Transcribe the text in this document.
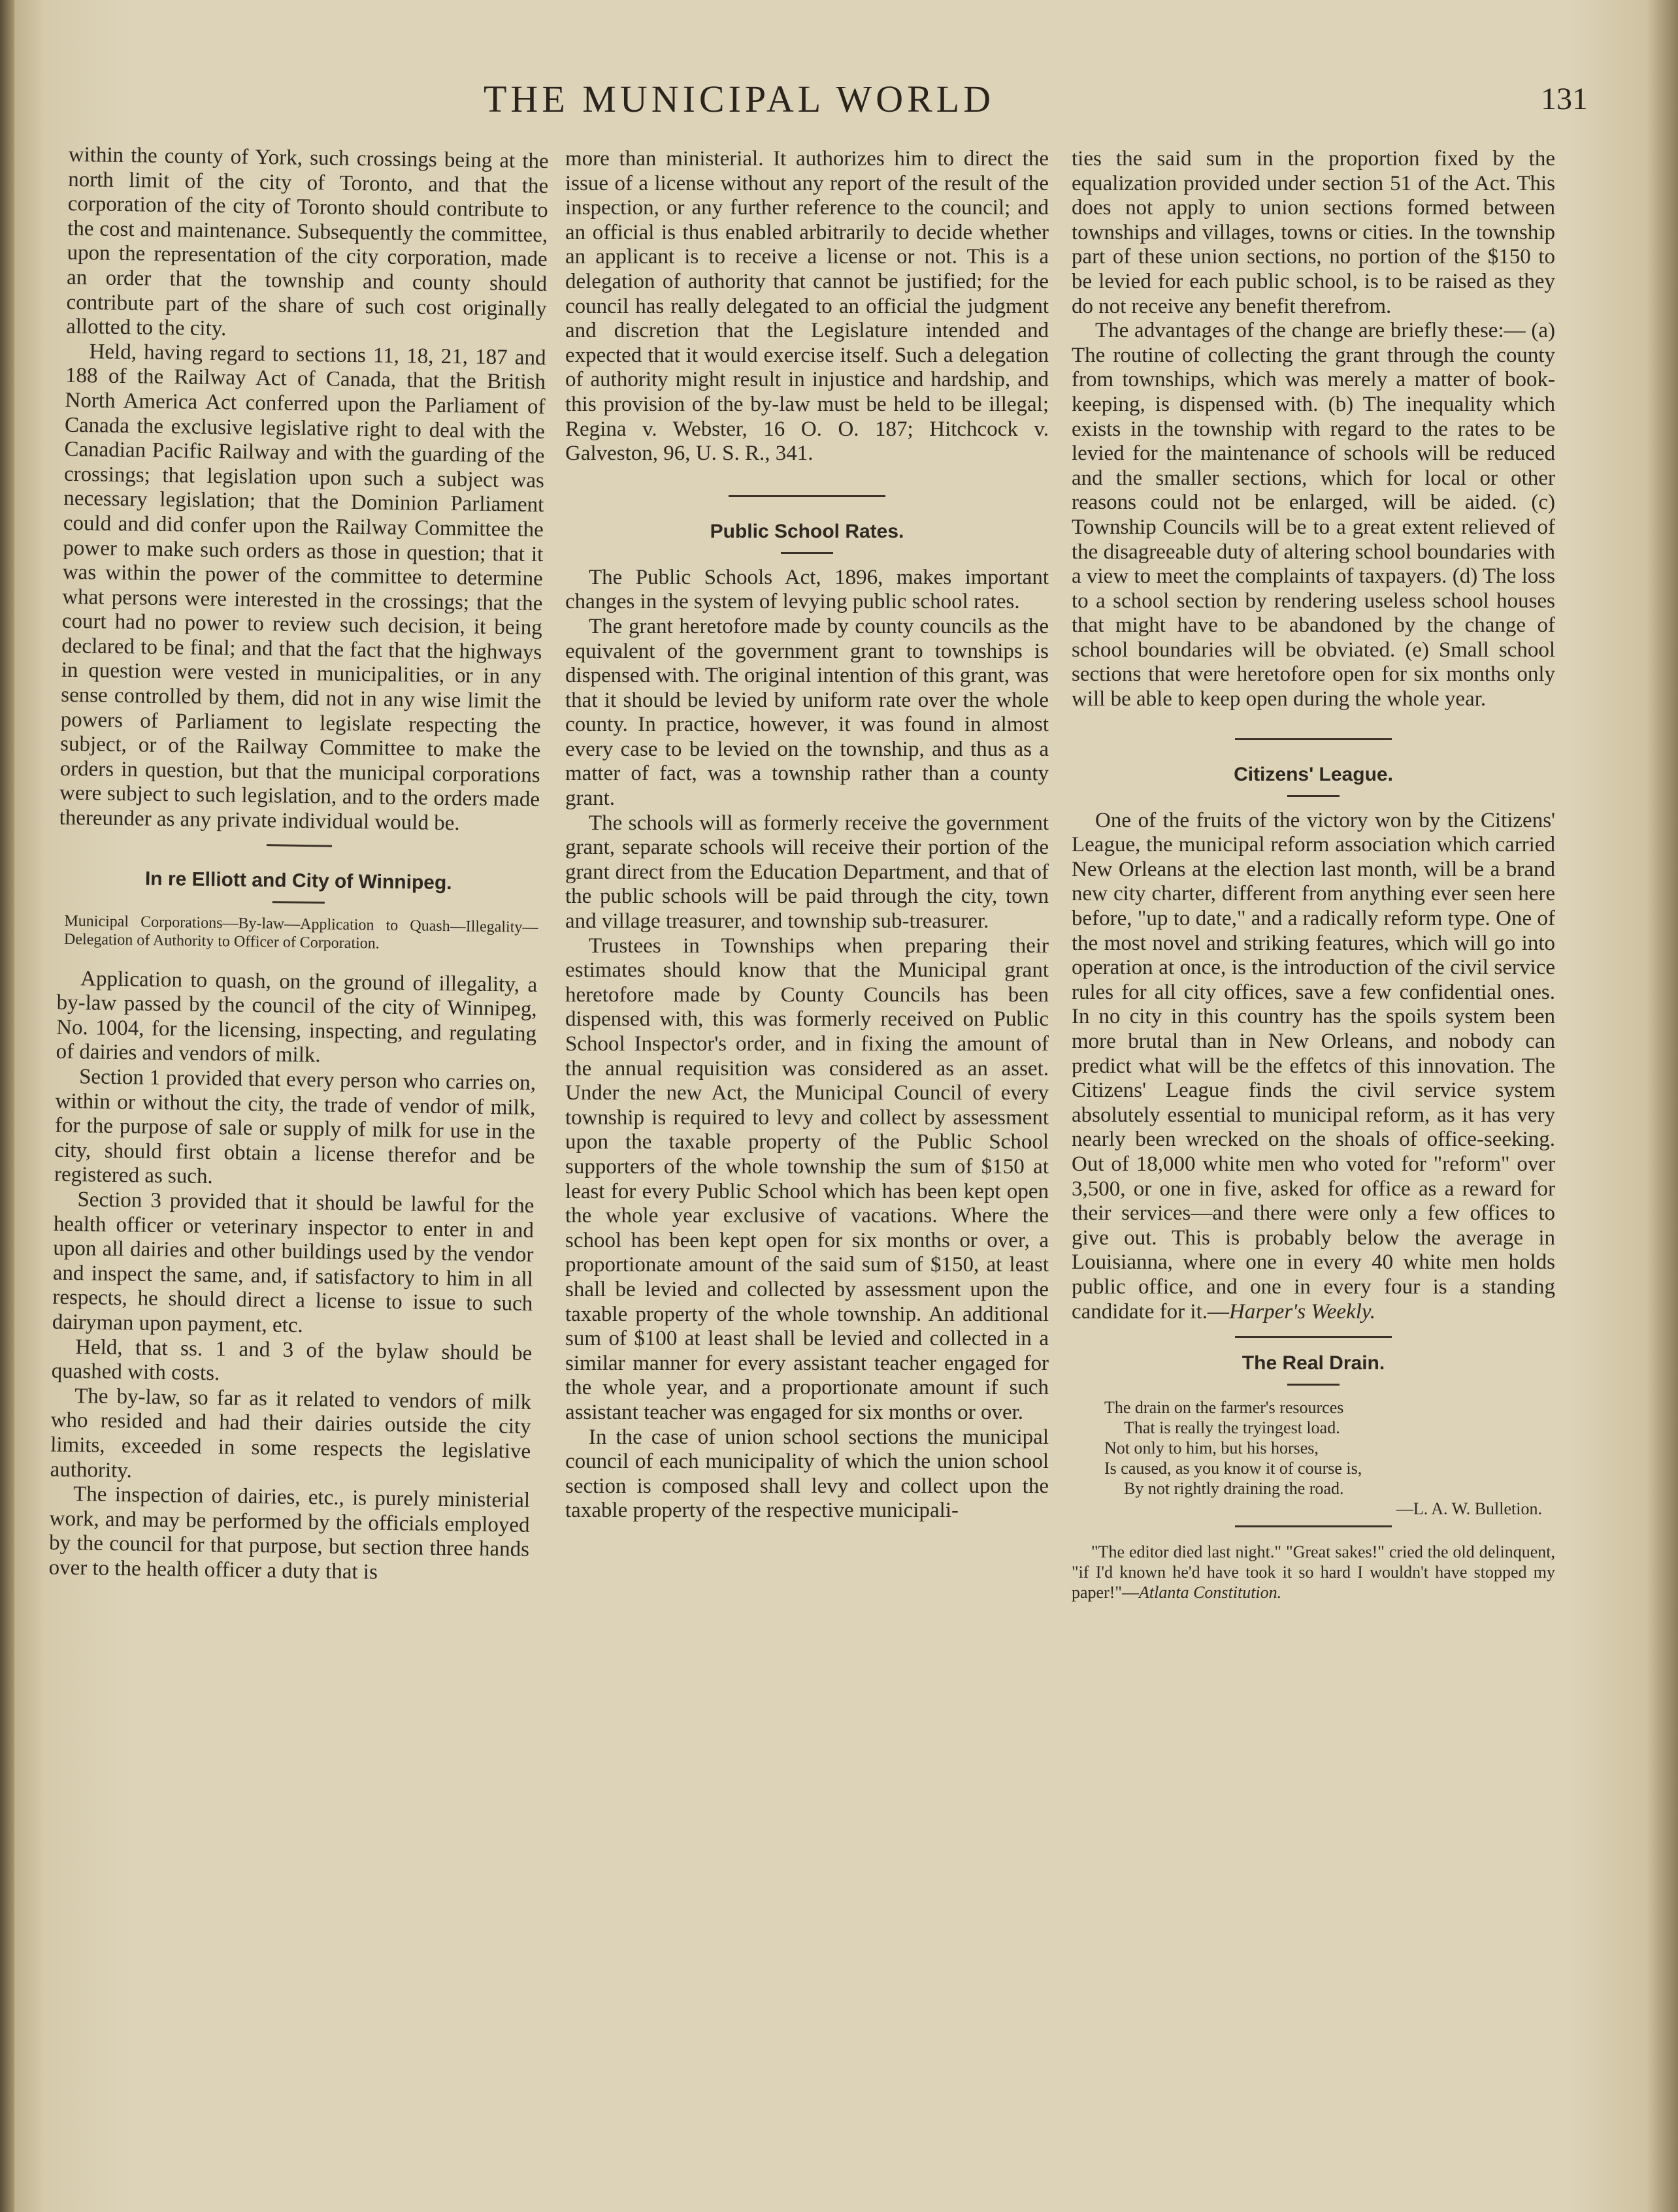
THE MUNICIPAL WORLD	131

within the county of York, such crossings being at the north limit of the city of Toronto, and that the corporation of the city of Toronto should contribute to the cost and maintenance. Subsequently the committee, upon the representation of the city corporation, made an order that the township and county should contribute part of the share of such cost originally allotted to the city.

Held, having regard to sections 11, 18, 21, 187 and 188 of the Railway Act of Canada, that the British North America Act conferred upon the Parliament of Canada the exclusive legislative right to deal with the Canadian Pacific Railway and with the guarding of the crossings; that legislation upon such a subject was necessary legislation; that the Dominion Parliament could and did confer upon the Railway Committee the power to make such orders as those in question; that it was within the power of the committee to determine what persons were interested in the crossings; that the court had no power to review such decision, it being declared to be final; and that the fact that the highways in question were vested in municipalities, or in any sense controlled by them, did not in any wise limit the powers of Parliament to legislate respecting the subject, or of the Railway Committee to make the orders in question, but that the municipal corporations were subject to such legislation, and to the orders made thereunder as any private individual would be.

In re Elliott and City of Winnipeg.

Municipal Corporations—By-law—Application to Quash—Illegality—Delegation of Authority to Officer of Corporation.

Application to quash, on the ground of illegality, a by-law passed by the council of the city of Winnipeg, No. 1004, for the licensing, inspecting, and regulating of dairies and vendors of milk.

Section 1 provided that every person who carries on, within or without the city, the trade of vendor of milk, for the purpose of sale or supply of milk for use in the city, should first obtain a license therefor and be registered as such.

Section 3 provided that it should be lawful for the health officer or veterinary inspector to enter in and upon all dairies and other buildings used by the vendor and inspect the same, and, if satisfactory to him in all respects, he should direct a license to issue to such dairyman upon payment, etc.

Held, that ss. 1 and 3 of the bylaw should be quashed with costs.

The by-law, so far as it related to vendors of milk who resided and had their dairies outside the city limits, exceeded in some respects the legislative authority.

The inspection of dairies, etc., is purely ministerial work, and may be performed by the officials employed by the council for that purpose, but section three hands over to the health officer a duty that is

more than ministerial. It authorizes him to direct the issue of a license without any report of the result of the inspection, or any further reference to the council; and an official is thus enabled arbitrarily to decide whether an applicant is to receive a license or not. This is a delegation of authority that cannot be justified; for the council has really delegated to an official the judgment and discretion that the Legislature intended and expected that it would exercise itself. Such a delegation of authority might result in injustice and hardship, and this provision of the by-law must be held to be illegal; Regina v. Webster, 16 O. O. 187; Hitchcock v. Galveston, 96, U. S. R., 341.

Public School Rates.

The Public Schools Act, 1896, makes important changes in the system of levying public school rates.

The grant heretofore made by county councils as the equivalent of the government grant to townships is dispensed with. The original intention of this grant, was that it should be levied by uniform rate over the whole county. In practice, however, it was found in almost every case to be levied on the township, and thus as a matter of fact, was a township rather than a county grant.

The schools will as formerly receive the government grant, separate schools will receive their portion of the grant direct from the Education Department, and that of the public schools will be paid through the city, town and village treasurer, and township sub-treasurer.

Trustees in Townships when preparing their estimates should know that the Municipal grant heretofore made by County Councils has been dispensed with, this was formerly received on Public School Inspector's order, and in fixing the amount of the annual requisition was considered as an asset. Under the new Act, the Municipal Council of every township is required to levy and collect by assessment upon the taxable property of the Public School supporters of the whole township the sum of $150 at least for every Public School which has been kept open the whole year exclusive of vacations. Where the school has been kept open for six months or over, a proportionate amount of the said sum of $150, at least shall be levied and collected by assessment upon the taxable property of the whole township. An additional sum of $100 at least shall be levied and collected in a similar manner for every assistant teacher engaged for the whole year, and a proportionate amount if such assistant teacher was engaged for six months or over.

In the case of union school sections the municipal council of each municipality of which the union school section is composed shall levy and collect upon the taxable property of the respective municipali-

ties the said sum in the proportion fixed by the equalization provided under section 51 of the Act. This does not apply to union sections formed between townships and villages, towns or cities. In the township part of these union sections, no portion of the $150 to be levied for each public school, is to be raised as they do not receive any benefit therefrom.

The advantages of the change are briefly these:— (a) The routine of collecting the grant through the county from townships, which was merely a matter of book-keeping, is dispensed with. (b) The inequality which exists in the township with regard to the rates to be levied for the maintenance of schools will be reduced and the smaller sections, which for local or other reasons could not be enlarged, will be aided. (c) Township Councils will be to a great extent relieved of the disagreeable duty of altering school boundaries with a view to meet the complaints of taxpayers. (d) The loss to a school section by rendering useless school houses that might have to be abandoned by the change of school boundaries will be obviated. (e) Small school sections that were heretofore open for six months only will be able to keep open during the whole year.

Citizens' League.

One of the fruits of the victory won by the Citizens' League, the municipal reform association which carried New Orleans at the election last month, will be a brand new city charter, different from anything ever seen here before, "up to date," and a radically reform type. One of the most novel and striking features, which will go into operation at once, is the introduction of the civil service rules for all city offices, save a few confidential ones. In no city in this country has the spoils system been more brutal than in New Orleans, and nobody can predict what will be the effetcs of this innovation. The Citizens' League finds the civil service system absolutely essential to municipal reform, as it has very nearly been wrecked on the shoals of office-seeking. Out of 18,000 white men who voted for "reform" over 3,500, or one in five, asked for office as a reward for their services—and there were only a few offices to give out. This is probably below the average in Louisianna, where one in every 40 white men holds public office, and one in every four is a standing candidate for it.—Harper's Weekly.

The Real Drain.
The drain on the farmer's resources
That is really the tryingest load.
Not only to him, but his horses,
Is caused, as you know it of course is,
By not rightly draining the road.
—L. A. W. Bulletion.

"The editor died last night." "Great sakes!" cried the old delinquent, "if I'd known he'd have took it so hard I wouldn't have stopped my paper!"—Atlanta Constitution.
